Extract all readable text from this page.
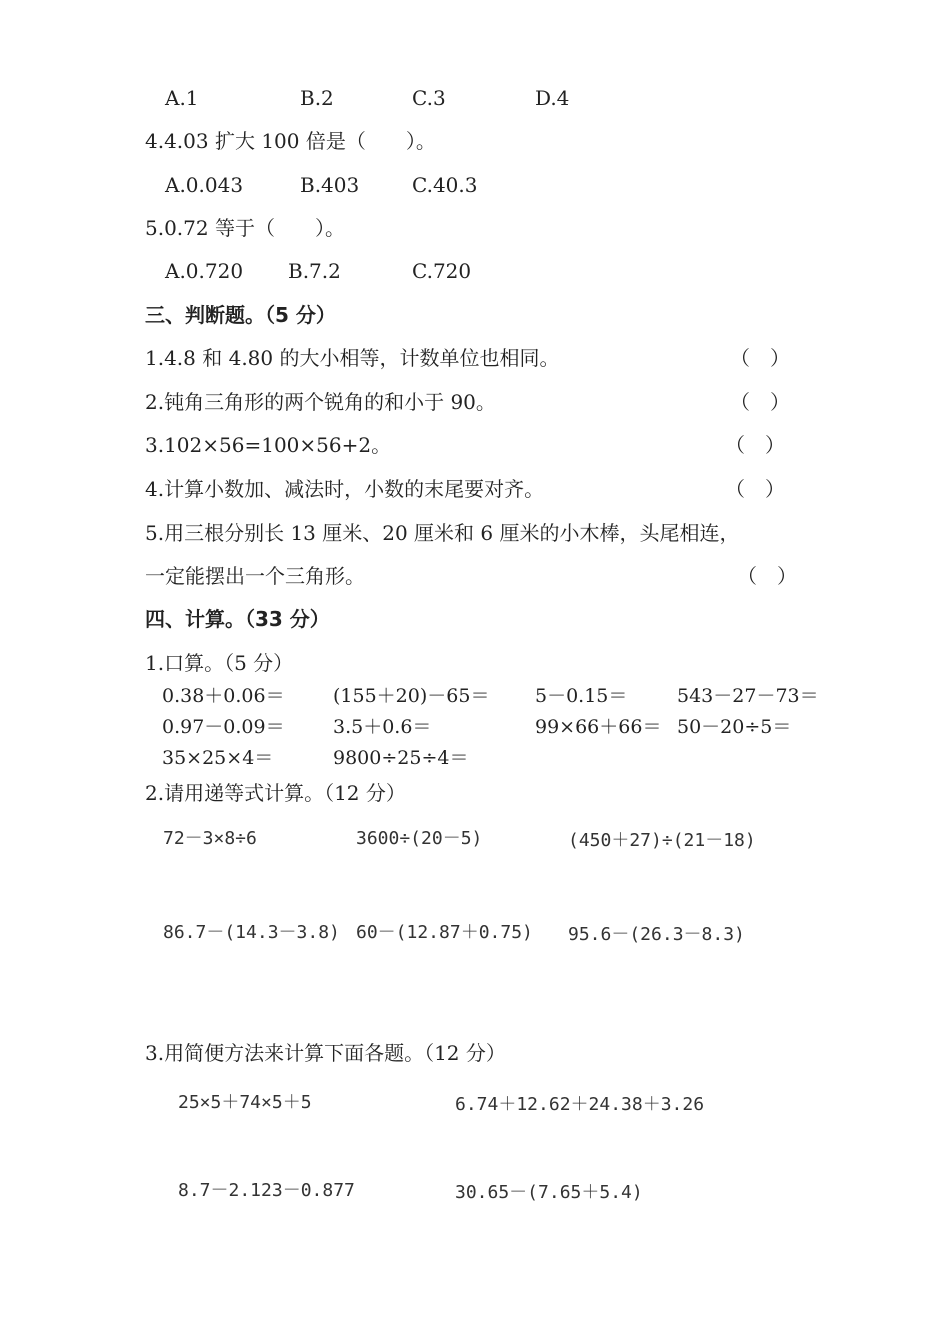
A.1	B.2	C.3	D.4
4.4.03 扩大 100 倍是（　　）。
A.0.043	B.403	C.40.3
5.0.72 等于（　　）。
A.0.720 B.7.2	C.720
三、判断题。（5 分）
1.4.8 和 4.80 的大小相等，计数单位也相同。	（　）
2.钝角三角形的两个锐角的和小于 90。	（　）
3.102×56=100×56+2。	（　）
4.计算小数加、减法时，小数的末尾要对齐。	（　）
5.用三根分别长 13 厘米、20 厘米和 6 厘米的小木棒，头尾相连，
一定能摆出一个三角形。	（　）
四、计算。（33 分）
1.口算。（5 分）
0.38＋0.06＝	(155＋20)－65＝ 5－0.15＝	543－27－73＝
0.97－0.09＝	3.5＋0.6＝	99×66＋66＝ 50－20÷5＝
35×25×4＝	9800÷25÷4＝
2.请用递等式计算。（12 分）
72－3×8÷6	3600÷(20－5)	(450＋27)÷(21－18)
86.7－(14.3－3.8) 60－(12.87＋0.75) 95.6－(26.3－8.3)
3.用简便方法来计算下面各题。（12 分）
25×5＋74×5＋5	6.74＋12.62＋24.38＋3.26
8.7－2.123－0.877	30.65－(7.65＋5.4)
